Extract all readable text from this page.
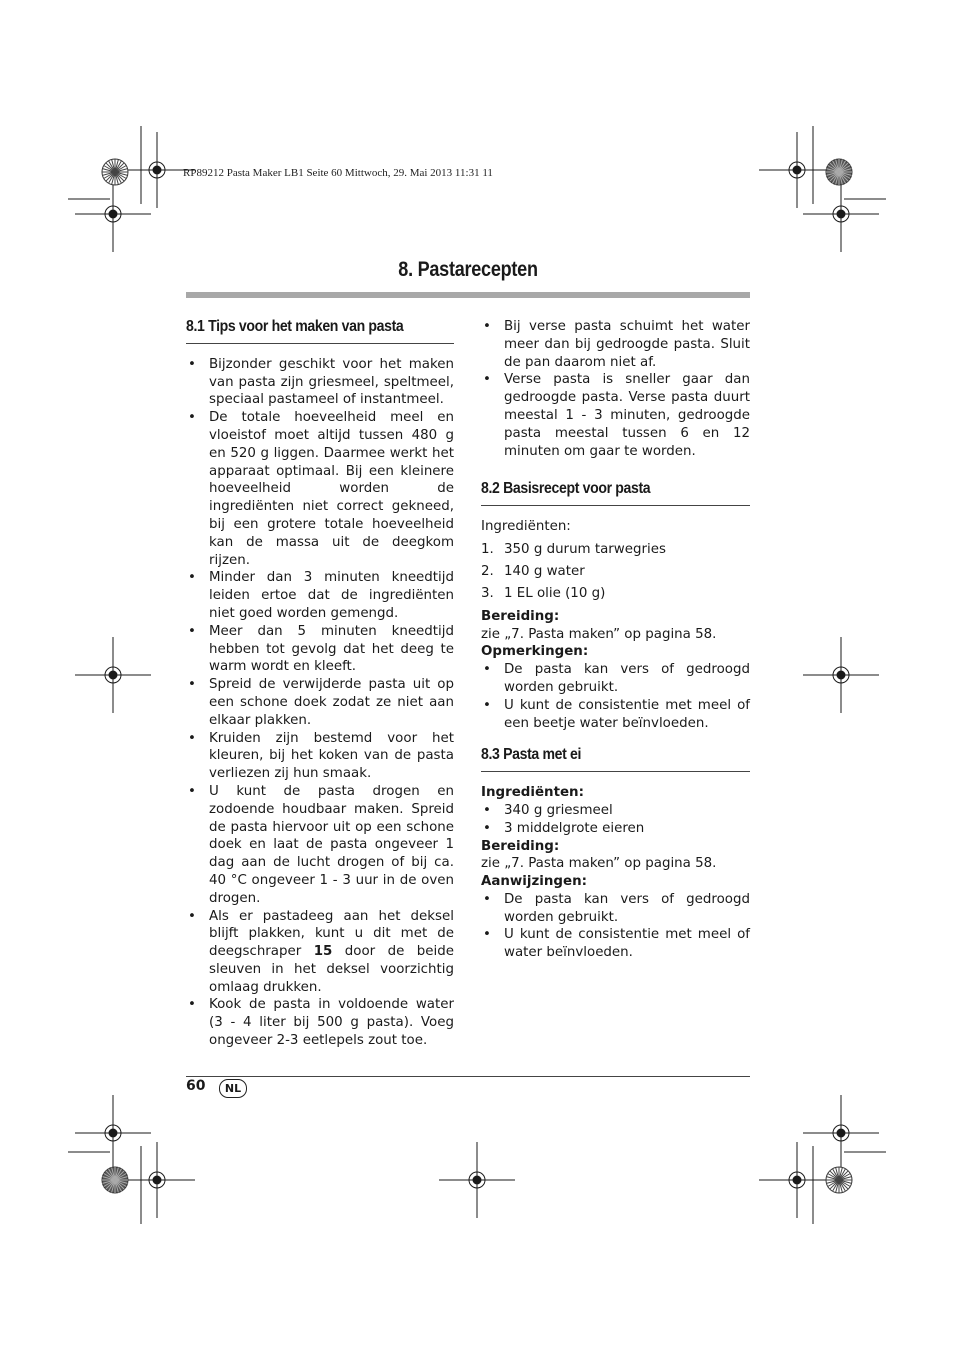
RP89212 Pasta Maker LB1 Seite 60 Mittwoch, 29. Mai 2013 11:31 11
8. Pastarecepten
8.1 Tips voor het maken van pasta
• Bijzonder geschikt voor het maken van pasta zijn griesmeel, speltmeel, speciaal pastameel of instantmeel.
• De totale hoeveelheid meel en vloeistof moet altijd tussen 480 g en 520 g liggen. Daarmee werkt het apparaat optimaal. Bij een kleinere hoeveelheid worden de ingrediënten niet correct gekneed, bij een grotere totale hoeveelheid kan de massa uit de deegkom rijzen.
• Minder dan 3 minuten kneedtijd leiden ertoe dat de ingrediënten niet goed worden gemengd.
• Meer dan 5 minuten kneedtijd hebben tot gevolg dat het deeg te warm wordt en kleeft.
• Spreid de verwijderde pasta uit op een schone doek zodat ze niet aan elkaar plakken.
• Kruiden zijn bestemd voor het kleuren, bij het koken van de pasta verliezen zij hun smaak.
• U kunt de pasta drogen en zodoende houdbaar maken. Spreid de pasta hiervoor uit op een schone doek en laat de pasta ongeveer 1 dag aan de lucht drogen of bij ca. 40 °C ongeveer 1 - 3 uur in de oven drogen.
• Als er pastadeeg aan het deksel blijft plakken, kunt u dit met de deegschraper 15 door de beide sleuven in het deksel voorzichtig omlaag drukken.
• Kook de pasta in voldoende water (3 - 4 liter bij 500 g pasta). Voeg ongeveer 2-3 eetlepels zout toe.
• Bij verse pasta schuimt het water meer dan bij gedroogde pasta. Sluit de pan daarom niet af.
• Verse pasta is sneller gaar dan gedroogde pasta. Verse pasta duurt meestal 1 - 3 minuten, gedroogde pasta meestal tussen 6 en 12 minuten om gaar te worden.
8.2 Basisrecept voor pasta

Ingrediënten:

1. 350 g durum tarwegries
2. 140 g water
3. 1 EL olie (10 g)

Bereiding:

zie „7. Pasta maken” op pagina 58.

Opmerkingen:

• De pasta kan vers of gedroogd worden gebruikt.
• U kunt de consistentie met meel of een beetje water beïnvloeden.
8.3 Pasta met ei

Ingrediënten:

• 340 g griesmeel
• 3 middelgrote eieren

Bereiding:

zie „7. Pasta maken” op pagina 58.

Aanwijzingen:

• De pasta kan vers of gedroogd worden gebruikt.
• U kunt de consistentie met meel of water beïnvloeden.
60	NL
